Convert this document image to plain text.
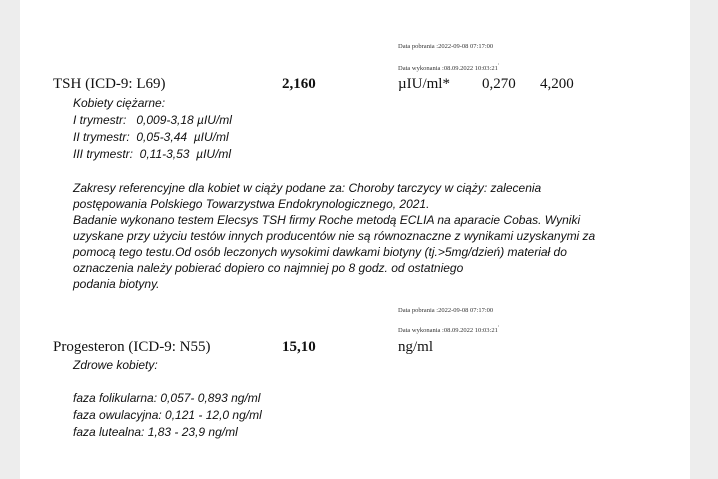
Data pobrania :2022-09-08 07:17:00
Data wykonania :08.09.2022 10:03:21'
TSH (ICD-9: L69)	2,160	µIU/ml* 0,270 4,200
Kobiety ciężarne:
I trymestr:   0,009-3,18 µIU/ml
II trymestr:  0,05-3,44  µIU/ml
III trymestr:  0,11-3,53  µIU/ml
Zakresy referencyjne dla kobiet w ciąży podane za: Choroby tarczycy w ciąży: zalecenia
postępowania Polskiego Towarzystwa Endokrynologicznego, 2021.
Badanie wykonano testem Elecsys TSH firmy Roche metodą ECLIA na aparacie Cobas. Wyniki
uzyskane przy użyciu testów innych producentów nie są równoznaczne z wynikami uzyskanymi za
pomocą tego testu.Od osób leczonych wysokimi dawkami biotyny (tj.>5mg/dzień) materiał do
oznaczenia należy pobierać dopiero co najmniej po 8 godz. od ostatniego
podania biotyny.
Data pobrania :2022-09-08 07:17:00
Data wykonania :08.09.2022 10:03:21'
Progesteron (ICD-9: N55)	15,10	ng/ml
Zdrowe kobiety:
faza folikularna: 0,057- 0,893 ng/ml
faza owulacyjna: 0,121 - 12,0 ng/ml
faza lutealna: 1,83 - 23,9 ng/ml
